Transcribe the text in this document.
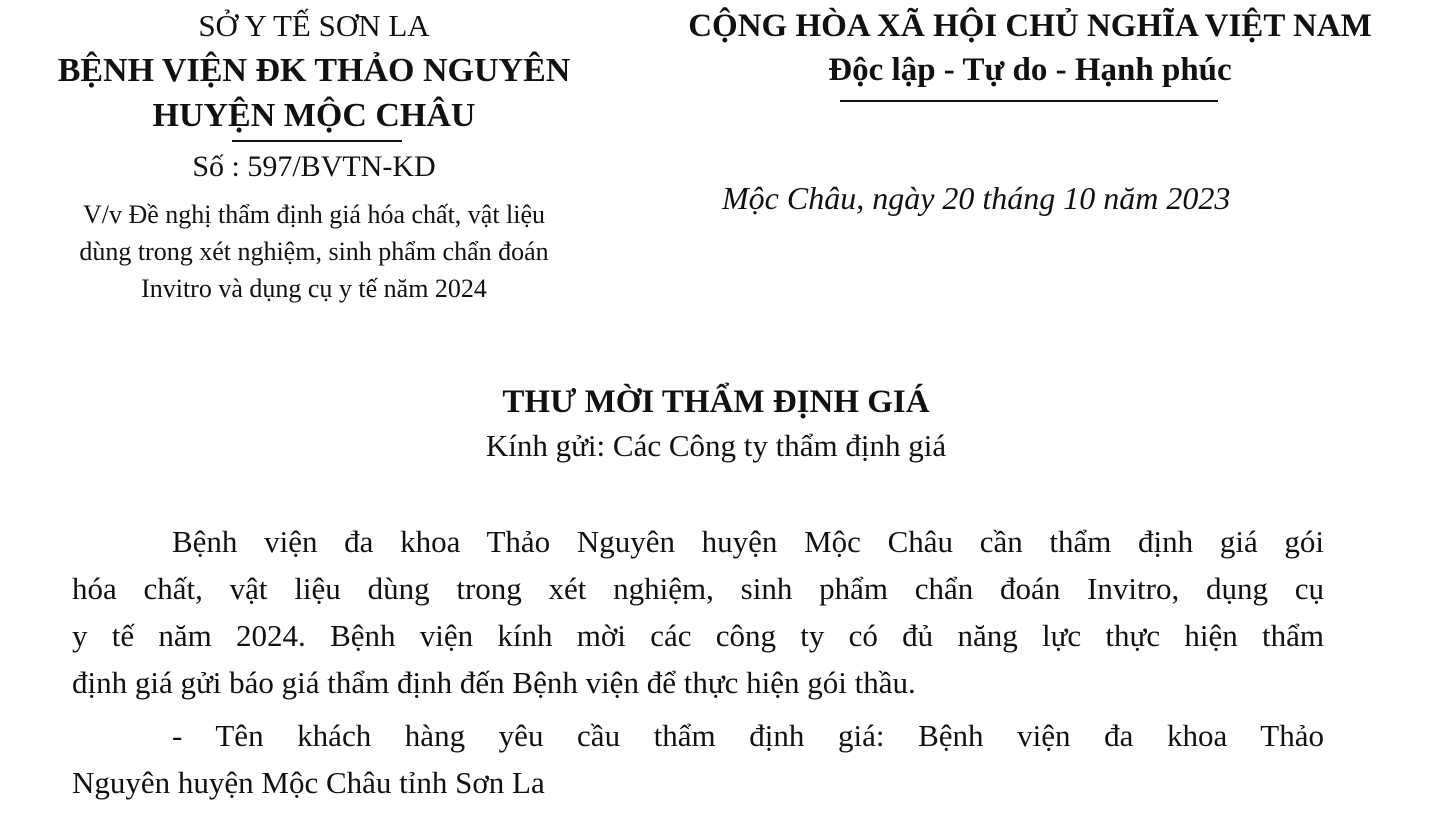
SỞ Y TẾ SƠN LA
BỆNH VIỆN ĐK THẢO NGUYÊN
HUYỆN MỘC CHÂU
Số : 597/BVTN-KD
V/v Đề nghị thẩm định giá hóa chất, vật liệu
dùng trong xét nghiệm, sinh phẩm chẩn đoán
Invitro và dụng cụ y tế năm 2024
CỘNG HÒA XÃ HỘI CHỦ NGHĨA VIỆT NAM
Độc lập - Tự do - Hạnh phúc
Mộc Châu, ngày 20 tháng 10 năm 2023
THƯ MỜI THẨM ĐỊNH GIÁ
Kính gửi: Các Công ty thẩm định giá
Bệnh viện đa khoa Thảo Nguyên huyện Mộc Châu cần thẩm định giá gói
hóa chất, vật liệu dùng trong xét nghiệm, sinh phẩm chẩn đoán Invitro, dụng cụ
y tế năm 2024. Bệnh viện kính mời các công ty có đủ năng lực thực hiện thẩm
định giá gửi báo giá thẩm định đến Bệnh viện để thực hiện gói thầu.
- Tên khách hàng yêu cầu thẩm định giá: Bệnh viện đa khoa Thảo
Nguyên huyện Mộc Châu tỉnh Sơn La
